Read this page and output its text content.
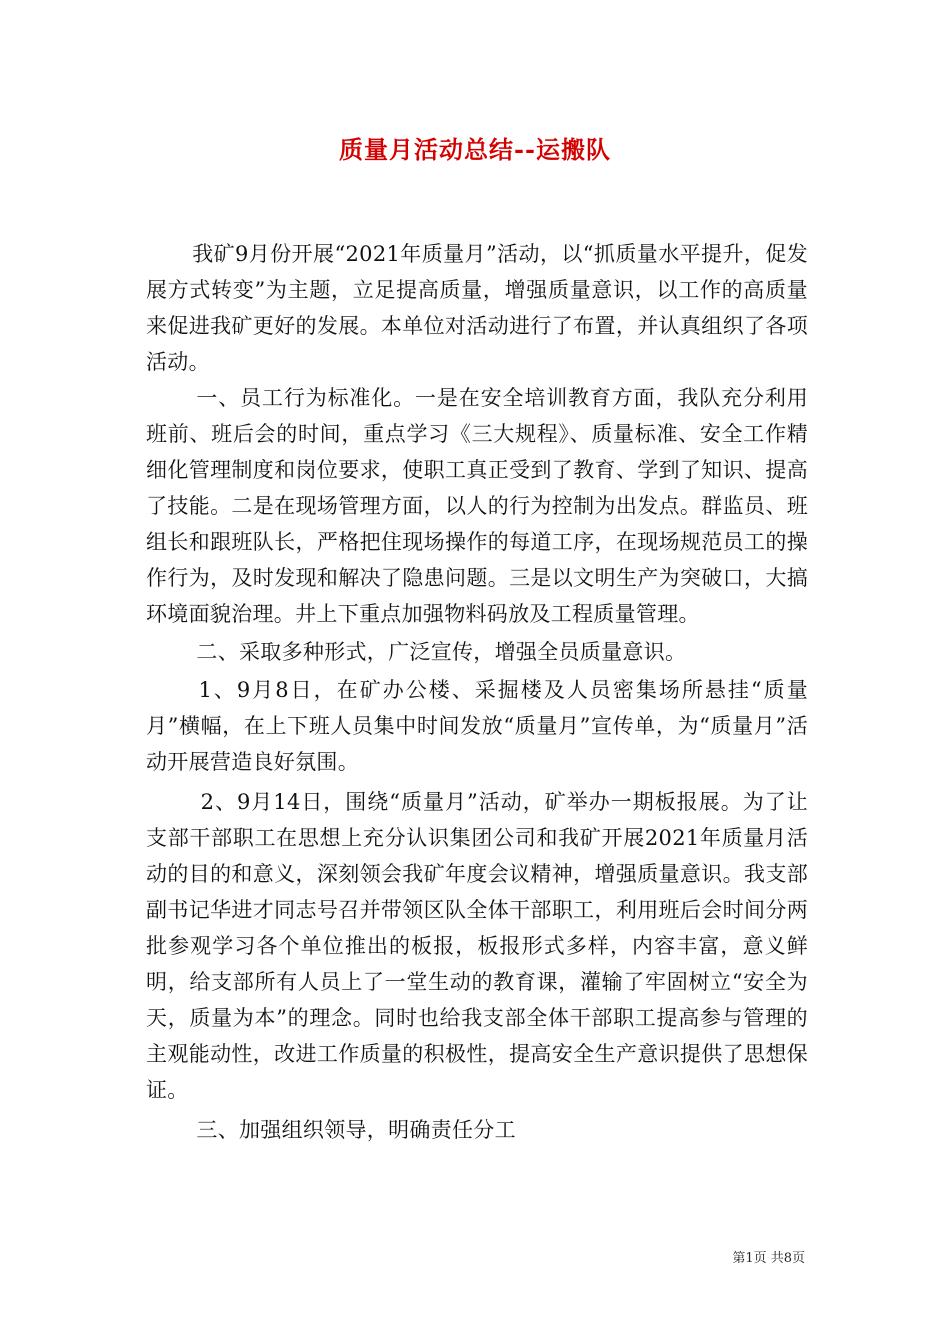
质量月活动总结--运搬队

我矿9月份开展“2021年质量月”活动，以“抓质量水平提升，促发展方式转变”为主题，立足提高质量，增强质量意识，以工作的高质量来促进我矿更好的发展。本单位对活动进行了布置，并认真组织了各项活动。

一、员工行为标准化。一是在安全培训教育方面，我队充分利用班前、班后会的时间，重点学习《三大规程》、质量标准、安全工作精细化管理制度和岗位要求，使职工真正受到了教育、学到了知识、提高了技能。二是在现场管理方面，以人的行为控制为出发点。群监员、班组长和跟班队长，严格把住现场操作的每道工序，在现场规范员工的操作行为，及时发现和解决了隐患问题。三是以文明生产为突破口，大搞环境面貌治理。井上下重点加强物料码放及工程质量管理。

二、采取多种形式，广泛宣传，增强全员质量意识。

1、9月8日，在矿办公楼、采掘楼及人员密集场所悬挂“质量月”横幅，在上下班人员集中时间发放“质量月”宣传单，为“质量月”活动开展营造良好氛围。

2、9月14日，围绕“质量月”活动，矿举办一期板报展。为了让支部干部职工在思想上充分认识集团公司和我矿开展2021年质量月活动的目的和意义，深刻领会我矿年度会议精神，增强质量意识。我支部副书记华进才同志号召并带领区队全体干部职工，利用班后会时间分两批参观学习各个单位推出的板报，板报形式多样，内容丰富，意义鲜明，给支部所有人员上了一堂生动的教育课，灌输了牢固树立“安全为天，质量为本”的理念。同时也给我支部全体干部职工提高参与管理的主观能动性，改进工作质量的积极性，提高安全生产意识提供了思想保证。

三、加强组织领导，明确责任分工

第1页 共8页
